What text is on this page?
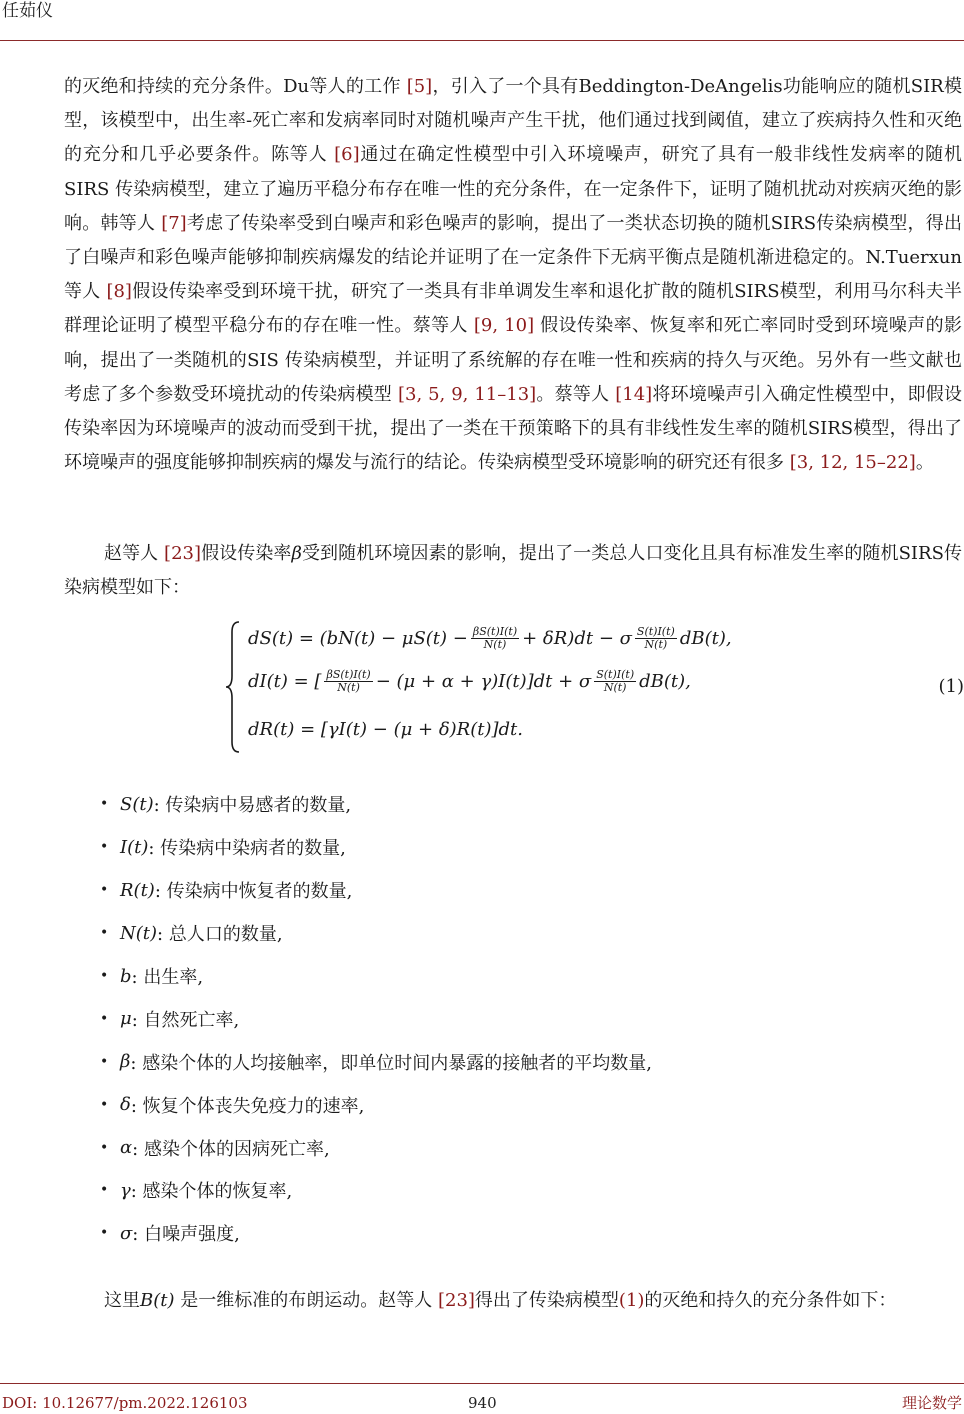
任茹仪
的灭绝和持续的充分条件。Du等人的工作 [5]，引入了一个具有Beddington-DeAngelis功能响应的随机SIR模型，该模型中，出生率-死亡率和发病率同时对随机噪声产生干扰，他们通过找到阈值，建立了疾病持久性和灭绝的充分和几乎必要条件。陈等人 [6]通过在确定性模型中引入环境噪声，研究了具有一般非线性发病率的随机SIRS 传染病模型，建立了遍历平稳分布存在唯一性的充分条件，在一定条件下，证明了随机扰动对疾病灭绝的影响。韩等人 [7]考虑了传染率受到白噪声和彩色噪声的影响，提出了一类状态切换的随机SIRS传染病模型，得出了白噪声和彩色噪声能够抑制疾病爆发的结论并证明了在一定条件下无病平衡点是随机渐进稳定的。N.Tuerxun 等人 [8]假设传染率受到环境干扰，研究了一类具有非单调发生率和退化扩散的随机SIRS模型，利用马尔科夫半群理论证明了模型平稳分布的存在唯一性。蔡等人 [9, 10] 假设传染率、恢复率和死亡率同时受到环境噪声的影响，提出了一类随机的SIS 传染病模型，并证明了系统解的存在唯一性和疾病的持久与灭绝。另外有一些文献也考虑了多个参数受环境扰动的传染病模型 [3, 5, 9, 11–13]。蔡等人 [14]将环境噪声引入确定性模型中，即假设传染率因为环境噪声的波动而受到干扰，提出了一类在干预策略下的具有非线性发生率的随机SIRS模型，得出了环境噪声的强度能够抑制疾病的爆发与流行的结论。传染病模型受环境影响的研究还有很多 [3, 12, 15–22]。
赵等人 [23]假设传染率β受到随机环境因素的影响，提出了一类总人口变化且具有标准发生率的随机SIRS传染病模型如下：
$dS(t) = (bN(t) - \mu S(t) - \frac{\beta S(t)I(t)}{N(t)} + \delta R)dt - \sigma \frac{S(t)I(t)}{N(t)} dB(t)$,
dI(t) = [ $\frac{\beta S(t)I(t)}{N(t)} - (\mu + \alpha + \gamma)I(t)]dt + \sigma \frac{S(t)I(t)}{N(t)} dB(t)$,
dR(t) = [γI(t) − (μ + δ)R(t)]dt.
(1)
• S(t) : 传染病中易感者的数量,
• I(t) : 传染病中染病者的数量,
• R(t) : 传染病中恢复者的数量,
• N(t) : 总人口的数量,
• b : 出生率,
• μ : 自然死亡率,
• β : 感染个体的人均接触率，即单位时间内暴露的接触者的平均数量,
• δ : 恢复个体丧失免疫力的速率,
• α : 感染个体的因病死亡率,
• γ : 感染个体的恢复率,
• σ : 白噪声强度,
这里B(t) 是一维标准的布朗运动。赵等人 [23]得出了传染病模型(1)的灭绝和持久的充分条件如下：
DOI: 10.12677/pm.2022.126103	940	理论数学
